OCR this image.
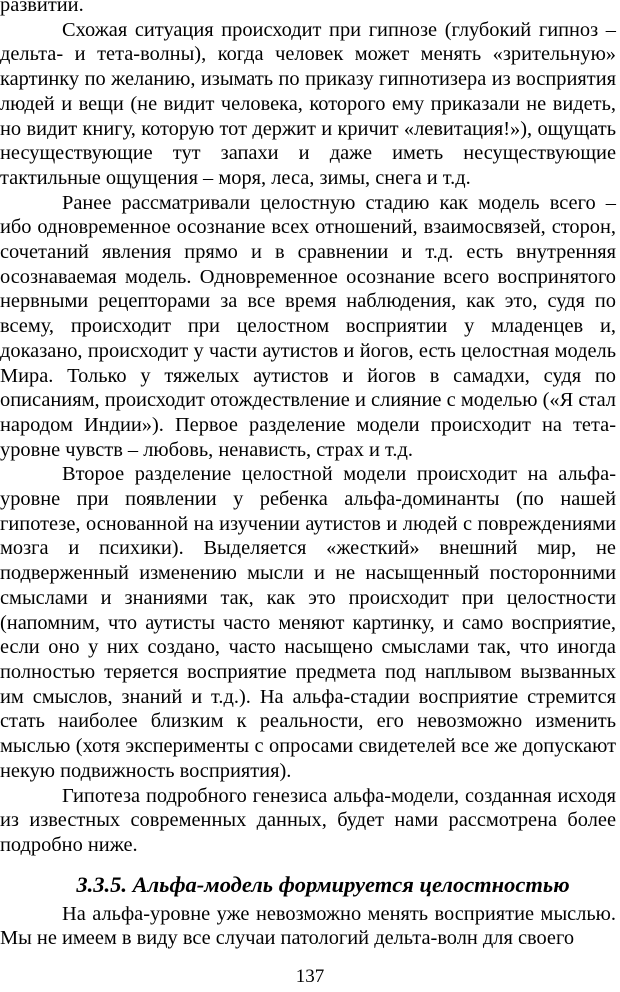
развитии.

Схожая ситуация происходит при гипнозе (глубокий гипноз – дельта- и тета-волны), когда человек может менять «зрительную» картинку по желанию, изымать по приказу гипнотизера из восприятия людей и вещи (не видит человека, которого ему приказали не видеть, но видит книгу, которую тот держит и кричит «левитация!»), ощущать несуществующие тут запахи и даже иметь несуществующие тактильные ощущения – моря, леса, зимы, снега и т.д.

Ранее рассматривали целостную стадию как модель всего – ибо одновременное осознание всех отношений, взаимосвязей, сторон, сочетаний явления прямо и в сравнении и т.д. есть внутренняя осознаваемая модель. Одновременное осознание всего воспринятого нервными рецепторами за все время наблюдения, как это, судя по всему, происходит при целостном восприятии у младенцев и, доказано, происходит у части аутистов и йогов, есть целостная модель Мира. Только у тяжелых аутистов и йогов в самадхи, судя по описаниям, происходит отождествление и слияние с моделью («Я стал народом Индии»). Первое разделение модели происходит на тета-уровне чувств – любовь, ненависть, страх и т.д.

Второе разделение целостной модели происходит на альфа-уровне при появлении у ребенка альфа-доминанты (по нашей гипотезе, основанной на изучении аутистов и людей с повреждениями мозга и психики). Выделяется «жесткий» внешний мир, не подверженный изменению мысли и не насыщенный посторонними смыслами и знаниями так, как это происходит при целостности (напомним, что аутисты часто меняют картинку, и само восприятие, если оно у них создано, часто насыщено смыслами так, что иногда полностью теряется восприятие предмета под наплывом вызванных им смыслов, знаний и т.д.). На альфа-стадии восприятие стремится стать наиболее близким к реальности, его невозможно изменить мыслью (хотя эксперименты с опросами свидетелей все же допускают некую подвижность восприятия).

Гипотеза подробного генезиса альфа-модели, созданная исходя из известных современных данных, будет нами рассмотрена более подробно ниже.

3.3.5. Альфа-модель формируется целостностью

На альфа-уровне уже невозможно менять восприятие мыслью. Мы не имеем в виду все случаи патологий дельта-волн для своего

137
